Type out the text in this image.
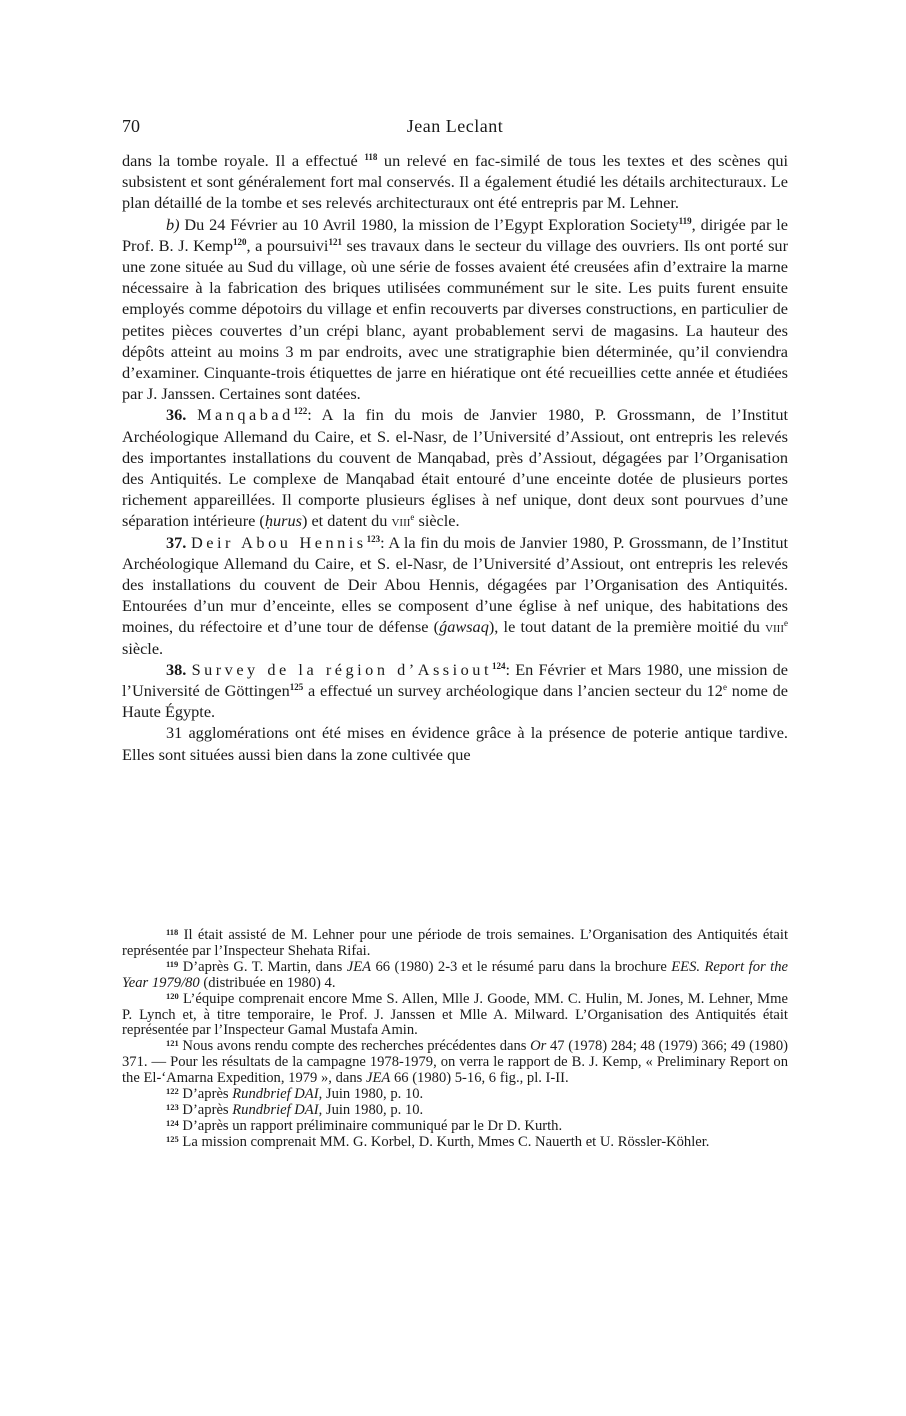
70	Jean Leclant

dans la tombe royale. Il a effectué $^{118}$ un relevé en fac-similé de tous les textes et des scènes qui subsistent et sont généralement fort mal conservés. Il a également étudié les détails architecturaux. Le plan détaillé de la tombe et ses relevés architecturaux ont été entrepris par M. Lehner.

b) Du 24 Février au 10 Avril 1980, la mission de l’Egypt Exploration Society$^{119}$, dirigée par le Prof. B. J. Kemp$^{120}$, a poursuivi$^{121}$ ses travaux dans le secteur du village des ouvriers. Ils ont porté sur une zone située au Sud du village, où une série de fosses avaient été creusées afin d’extraire la marne nécessaire à la fabrication des briques utilisées communément sur le site. Les puits furent ensuite employés comme dépotoirs du village et enfin recouverts par diverses constructions, en particulier de petites pièces couvertes d’un crépi blanc, ayant probablement servi de magasins. La hauteur des dépôts atteint au moins 3 m par endroits, avec une stratigraphie bien déterminée, qu’il conviendra d’examiner. Cinquante-trois étiquettes de jarre en hiératique ont été recueillies cette année et étudiées par J. Janssen. Certaines sont datées.

36. Manqabad$^{122}$: A la fin du mois de Janvier 1980, P. Grossmann, de l’Institut Archéologique Allemand du Caire, et S. el-Nasr, de l’Université d’Assiout, ont entrepris les relevés des importantes installations du couvent de Manqabad, près d’Assiout, dégagées par l’Organisation des Antiquités. Le complexe de Manqabad était entouré d’une enceinte dotée de plusieurs portes richement appareillées. Il comporte plusieurs églises à nef unique, dont deux sont pourvues d’une séparation intérieure (ḥurus) et datent du viii$^e$ siècle.

37. Deir Abou Hennis$^{123}$: A la fin du mois de Janvier 1980, P. Grossmann, de l’Institut Archéologique Allemand du Caire, et S. el-Nasr, de l’Université d’Assiout, ont entrepris les relevés des installations du couvent de Deir Abou Hennis, dégagées par l’Organisation des Antiquités. Entourées d’un mur d’enceinte, elles se composent d’une église à nef unique, des habitations des moines, du réfectoire et d’une tour de défense (ǵawsaq), le tout datant de la première moitié du viii$^e$ siècle.

38. Survey de la région d’Assiout$^{124}$: En Février et Mars 1980, une mission de l’Université de Göttingen$^{125}$ a effectué un survey archéologique dans l’ancien secteur du 12e nome de Haute Égypte.

31 agglomérations ont été mises en évidence grâce à la présence de poterie antique tardive. Elles sont situées aussi bien dans la zone cultivée que

$^{118}$ Il était assisté de M. Lehner pour une période de trois semaines. L’Organisation des Antiquités était représentée par l’Inspecteur Shehata Rifai.

$^{119}$ D’après G. T. Martin, dans JEA 66 (1980) 2-3 et le résumé paru dans la brochure EES. Report for the Year 1979/80 (distribuée en 1980) 4.

$^{120}$ L’équipe comprenait encore Mme S. Allen, Mlle J. Goode, MM. C. Hulin, M. Jones, M. Lehner, Mme P. Lynch et, à titre temporaire, le Prof. J. Janssen et Mlle A. Milward. L’Organisation des Antiquités était représentée par l’Inspecteur Gamal Mustafa Amin.

$^{121}$ Nous avons rendu compte des recherches précédentes dans Or 47 (1978) 284; 48 (1979) 366; 49 (1980) 371. — Pour les résultats de la campagne 1978-1979, on verra le rapport de B. J. Kemp, « Preliminary Report on the El-‘Amarna Expedition, 1979 », dans JEA 66 (1980) 5-16, 6 fig., pl. I-II.

$^{122}$ D’après Rundbrief DAI, Juin 1980, p. 10.

$^{123}$ D’après Rundbrief DAI, Juin 1980, p. 10.

$^{124}$ D’après un rapport préliminaire communiqué par le Dr D. Kurth.

$^{125}$ La mission comprenait MM. G. Korbel, D. Kurth, Mmes C. Nauerth et U. Rössler-Köhler.
